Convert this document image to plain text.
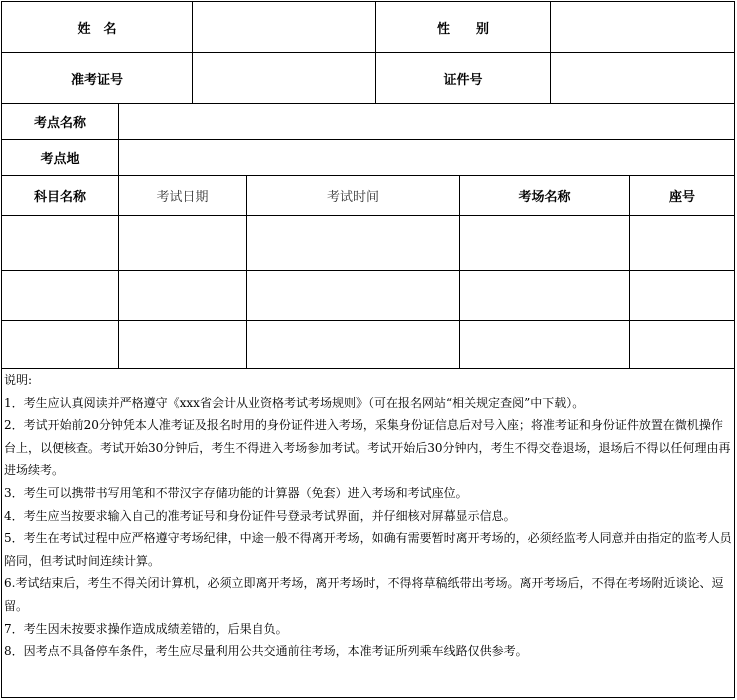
姓　名	性　　别
准考证号	证件号
考点名称
考点地
科目名称	考试日期	考试时间	考场名称	座号

说明:

1．考生应认真阅读并严格遵守《xxx省会计从业资格考试考场规则》（可在报名网站“相关规定查阅”中下载）。

2．考试开始前20分钟凭本人准考证及报名时用的身份证件进入考场，采集身份证信息后对号入座；将准考证和身份证件放置在微机操作台上，以便核查。考试开始30分钟后，考生不得进入考场参加考试。考试开始后30分钟内，考生不得交卷退场，退场后不得以任何理由再进场续考。

3．考生可以携带书写用笔和不带汉字存储功能的计算器（免套）进入考场和考试座位。

4．考生应当按要求输入自己的准考证号和身份证件号登录考试界面，并仔细核对屏幕显示信息。

5．考生在考试过程中应严格遵守考场纪律，中途一般不得离开考场，如确有需要暂时离开考场的，必须经监考人同意并由指定的监考人员陪同，但考试时间连续计算。

6.考试结束后，考生不得关闭计算机，必须立即离开考场，离开考场时，不得将草稿纸带出考场。离开考场后，不得在考场附近谈论、逗留。

7．考生因未按要求操作造成成绩差错的，后果自负。

8．因考点不具备停车条件，考生应尽量利用公共交通前往考场，本准考证所列乘车线路仅供参考。
